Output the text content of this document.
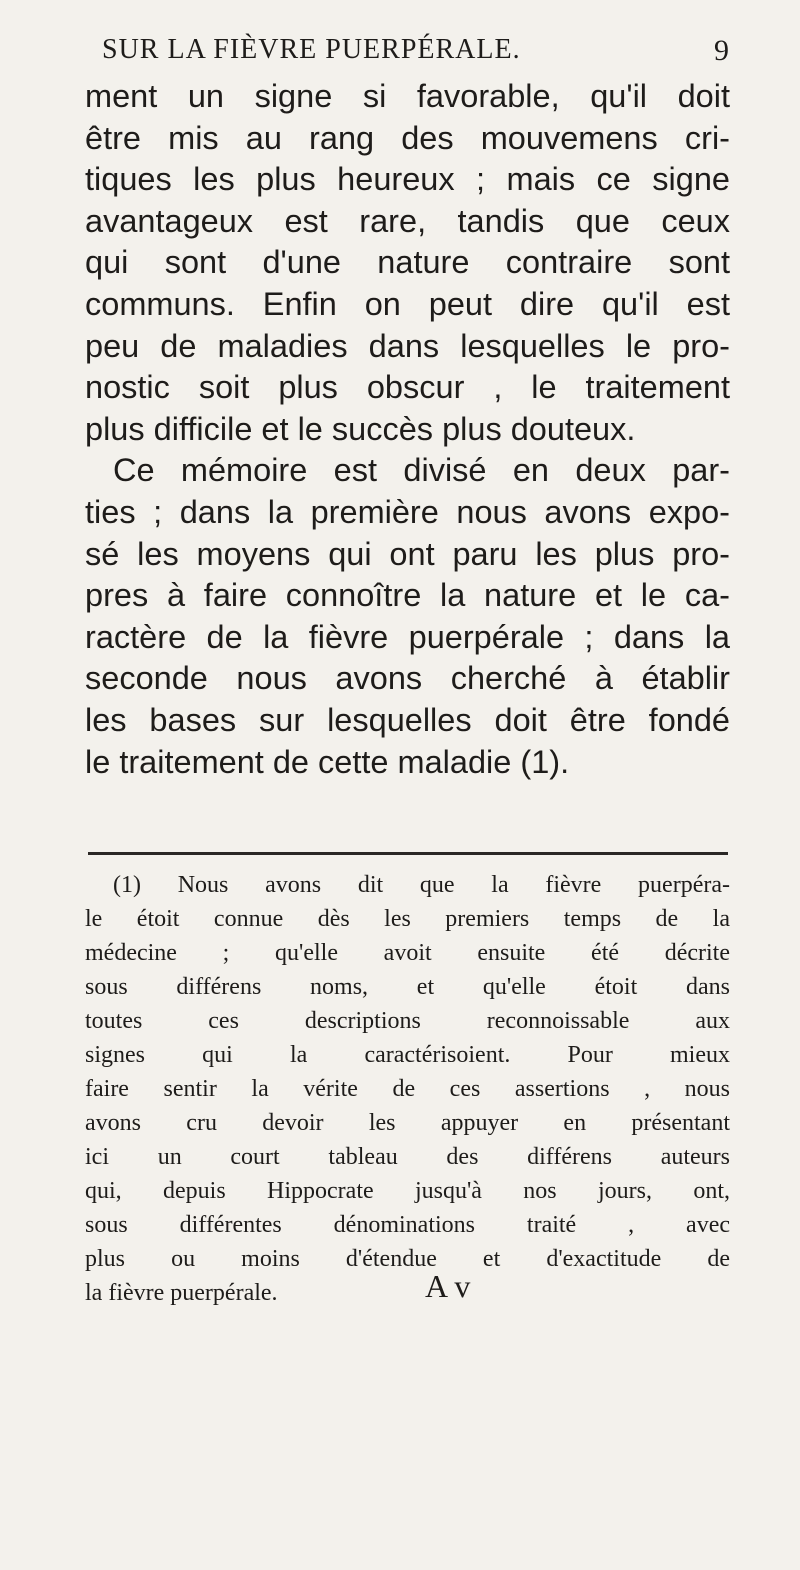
SUR LA FIÈVRE PUERPÉRALE.	9
ment un signe si favorable, qu'il doit
être mis au rang des mouvemens cri-
tiques les plus heureux ; mais ce signe
avantageux est rare, tandis que ceux
qui sont d'une nature contraire sont
communs. Enfin on peut dire qu'il est
peu de maladies dans lesquelles le pro-
nostic soit plus obscur , le traitement
plus difficile et le succès plus douteux.
Ce mémoire est divisé en deux par-
ties ; dans la première nous avons expo-
sé les moyens qui ont paru les plus pro-
pres à faire connoître la nature et le ca-
ractère de la fièvre puerpérale ; dans la
seconde nous avons cherché à établir
les bases sur lesquelles doit être fondé
le traitement de cette maladie (1).
(1) Nous avons dit que la fièvre puerpéra-
le étoit connue dès les premiers temps de la
médecine ; qu'elle avoit ensuite été décrite
sous différens noms, et qu'elle étoit dans
toutes ces descriptions reconnoissable aux
signes qui la caractérisoient. Pour mieux
faire sentir la vérite de ces assertions , nous
avons cru devoir les appuyer en présentant
ici un court tableau des différens auteurs
qui, depuis Hippocrate jusqu'à nos jours, ont,
sous différentes dénominations traité , avec
plus ou moins d'étendue et d'exactitude de
la fièvre puerpérale.	A v
